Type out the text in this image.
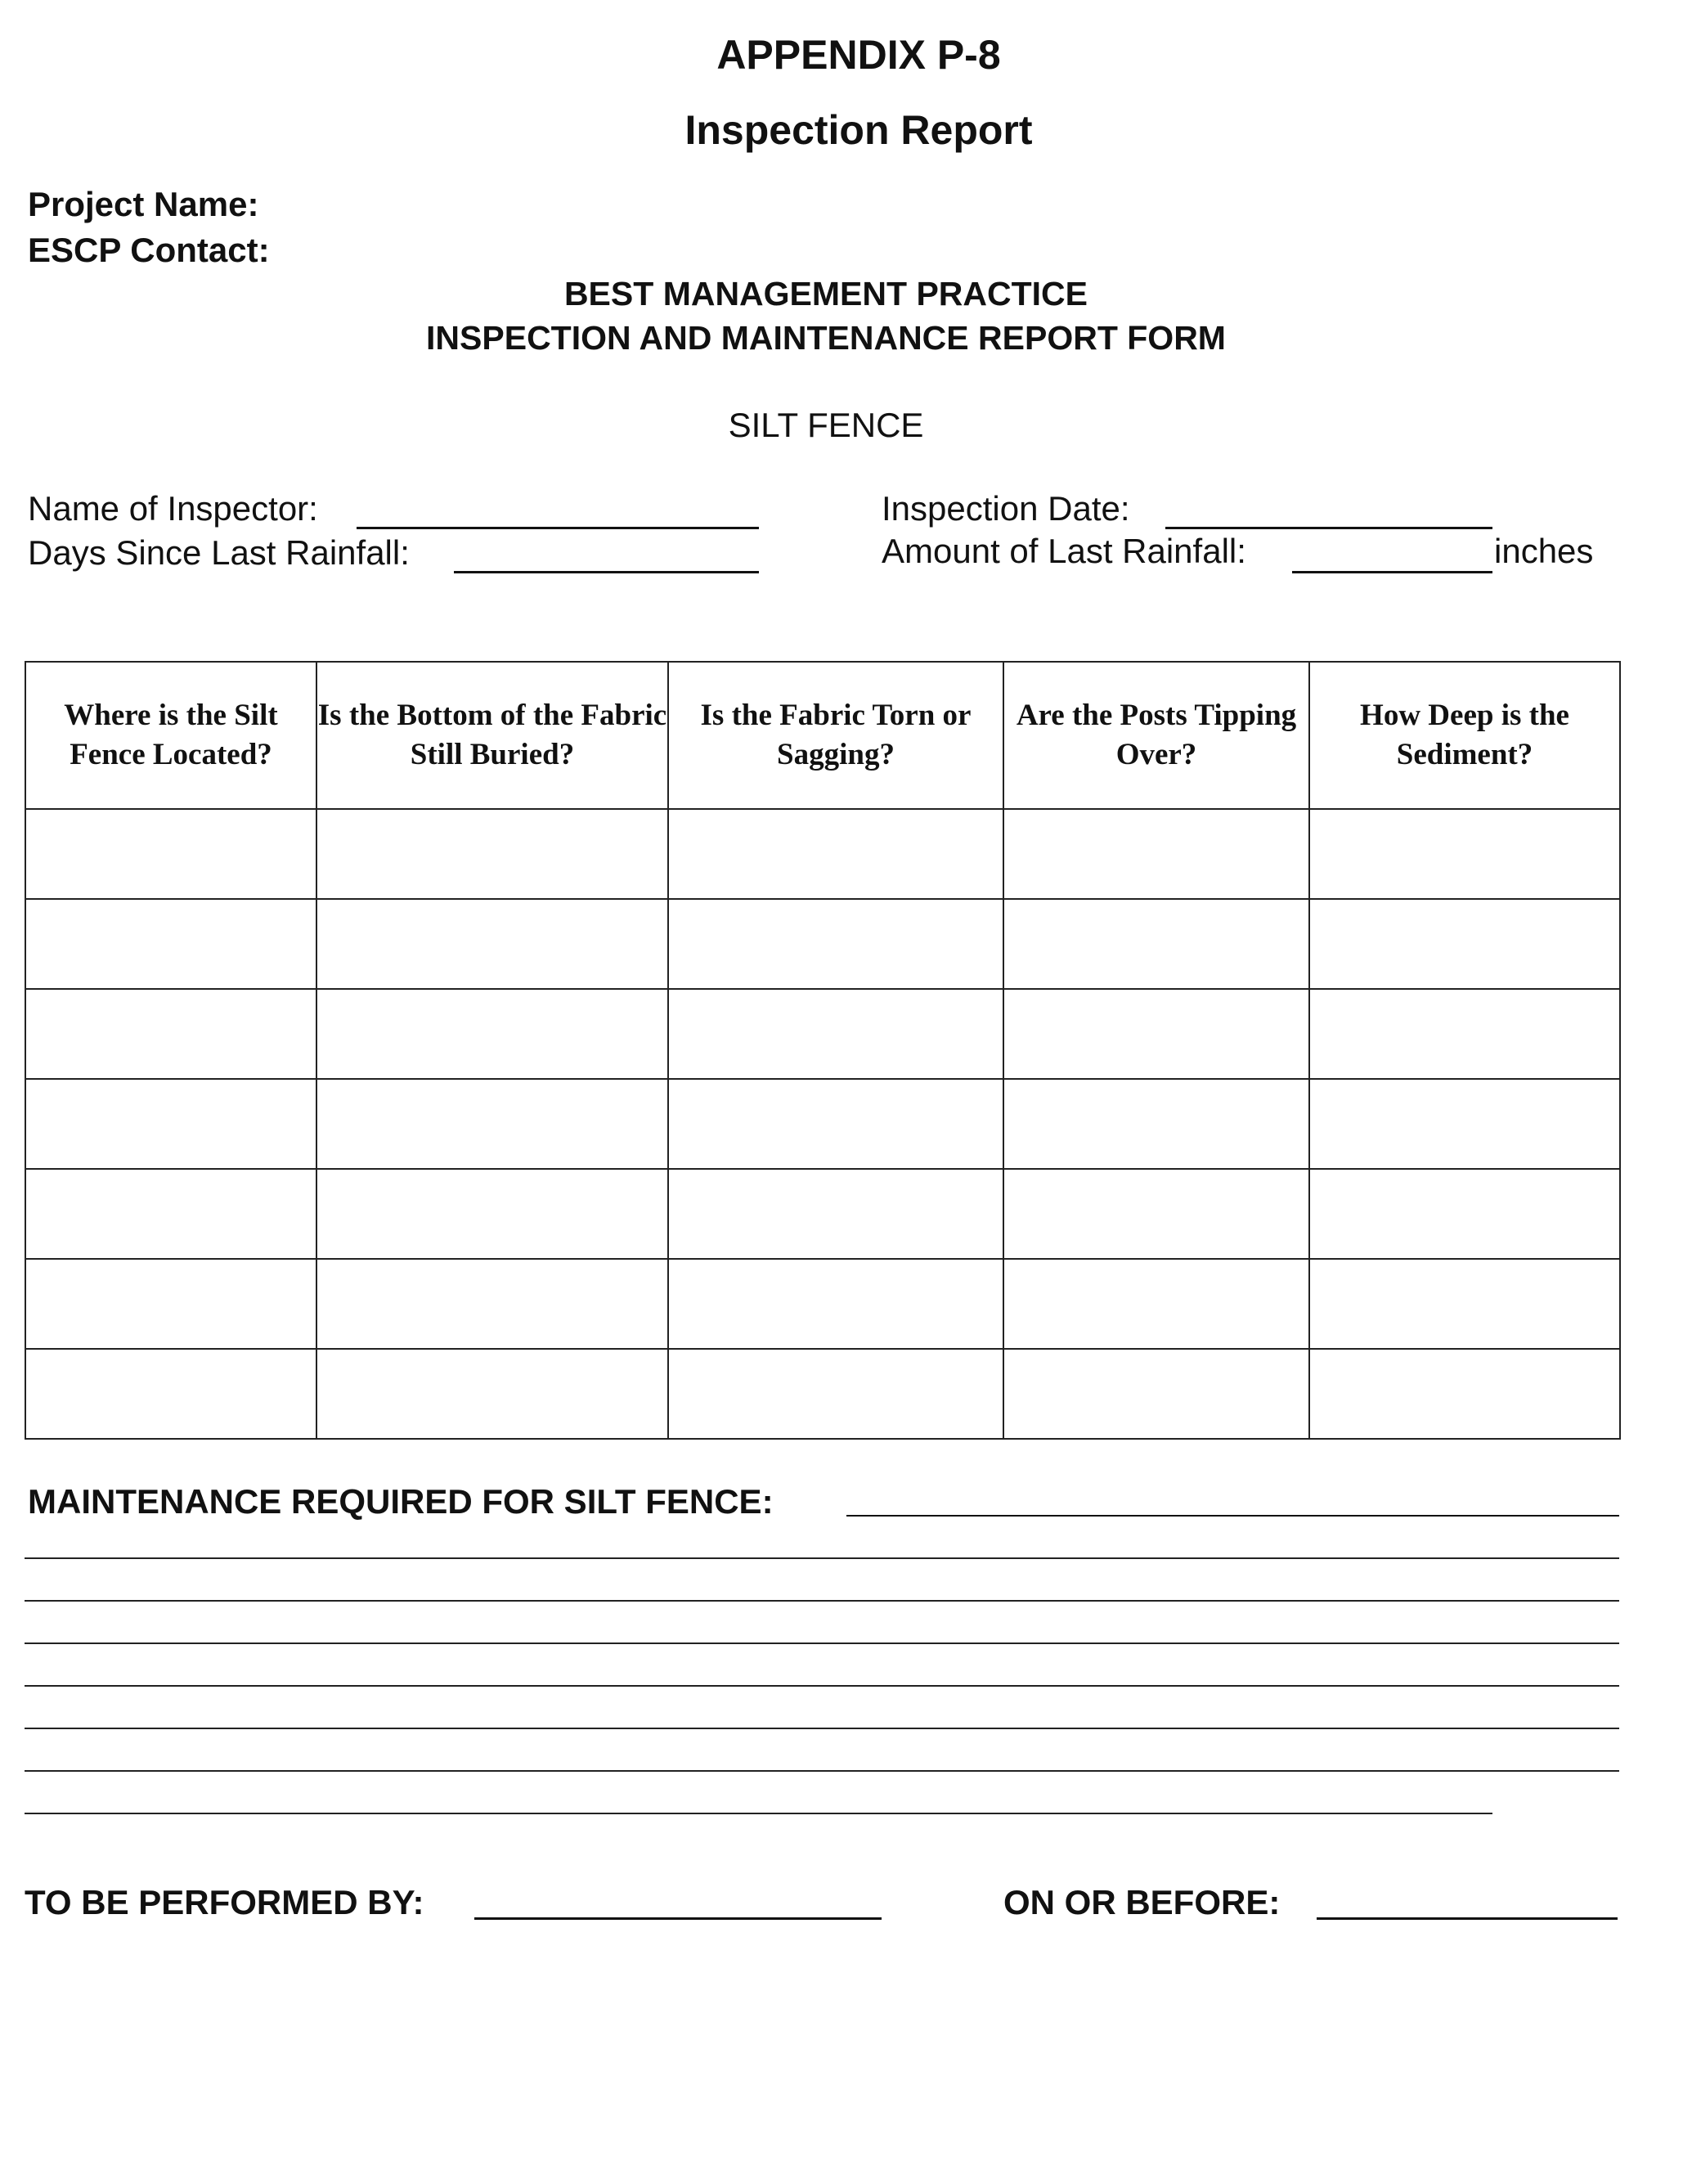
APPENDIX P-8
Inspection Report
Project Name:
ESCP Contact:
BEST MANAGEMENT PRACTICE
INSPECTION AND MAINTENANCE REPORT FORM
SILT FENCE
Name of Inspector:	Inspection Date:
Days Since Last Rainfall:	Amount of Last Rainfall:	inches
Where is the Silt Fence Located?	Is the Bottom of the Fabric Still Buried?	Is the Fabric Torn or Sagging?	Are the Posts Tipping Over?	How Deep is the Sediment?

MAINTENANCE REQUIRED FOR SILT FENCE:
TO BE PERFORMED BY:	ON OR BEFORE:
